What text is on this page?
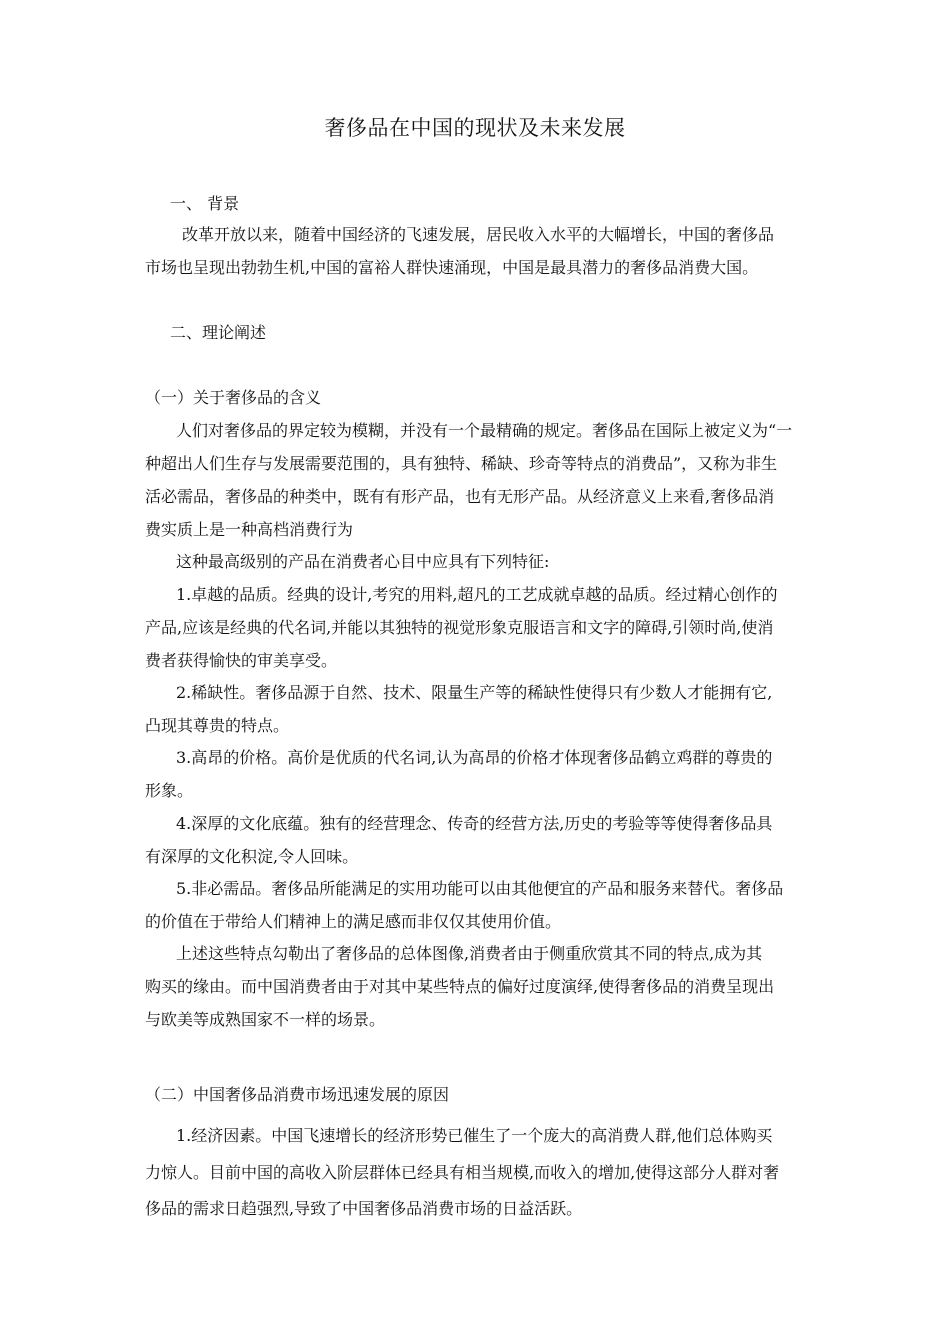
奢侈品在中国的现状及未来发展
一、 背景
改革开放以来，随着中国经济的飞速发展，居民收入水平的大幅增长，中国的奢侈品
市场也呈现出勃勃生机,中国的富裕人群快速涌现，中国是最具潜力的奢侈品消费大国。
二、理论阐述
（一）关于奢侈品的含义
人们对奢侈品的界定较为模糊，并没有一个最精确的规定。奢侈品在国际上被定义为“一
种超出人们生存与发展需要范围的，具有独特、稀缺、珍奇等特点的消费品”，又称为非生
活必需品，奢侈品的种类中，既有有形产品，也有无形产品。从经济意义上来看,奢侈品消
费实质上是一种高档消费行为
这种最高级别的产品在消费者心目中应具有下列特征:
1.卓越的品质。经典的设计,考究的用料,超凡的工艺成就卓越的品质。经过精心创作的
产品,应该是经典的代名词,并能以其独特的视觉形象克服语言和文字的障碍,引领时尚,使消
费者获得愉快的审美享受。
2.稀缺性。奢侈品源于自然、技术、限量生产等的稀缺性使得只有少数人才能拥有它,
凸现其尊贵的特点。
3.高昂的价格。高价是优质的代名词,认为高昂的价格才体现奢侈品鹤立鸡群的尊贵的
形象。
4.深厚的文化底蕴。独有的经营理念、传奇的经营方法,历史的考验等等使得奢侈品具
有深厚的文化积淀,令人回味。
5.非必需品。奢侈品所能满足的实用功能可以由其他便宜的产品和服务来替代。奢侈品
的价值在于带给人们精神上的满足感而非仅仅其使用价值。
上述这些特点勾勒出了奢侈品的总体图像,消费者由于侧重欣赏其不同的特点,成为其
购买的缘由。而中国消费者由于对其中某些特点的偏好过度演绎,使得奢侈品的消费呈现出
与欧美等成熟国家不一样的场景。
（二）中国奢侈品消费市场迅速发展的原因
1.经济因素。中国飞速增长的经济形势已催生了一个庞大的高消费人群,他们总体购买
力惊人。目前中国的高收入阶层群体已经具有相当规模,而收入的增加,使得这部分人群对奢
侈品的需求日趋强烈,导致了中国奢侈品消费市场的日益活跃。
